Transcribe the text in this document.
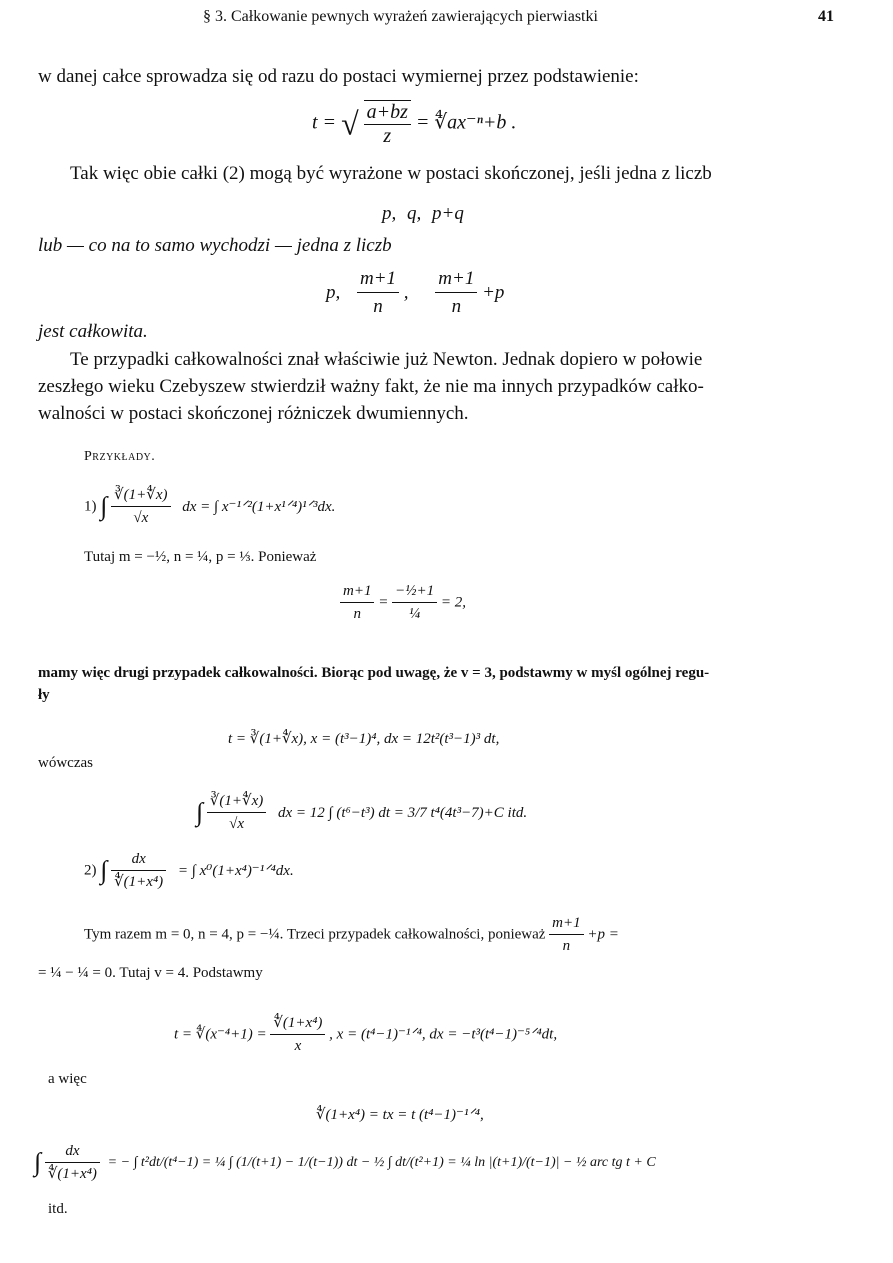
§ 3. Całkowanie pewnych wyrażeń zawierających pierwiastki	41
w danej całce sprowadza się od razu do postaci wymiernej przez podstawienie:
t = √ $\frac{a+bz}{z}$ = ∜ax⁻ⁿ+b .
Tak więc obie całki (2) mogą być wyrażone w postaci skończonej, jeśli jedna z liczb
p, q, p+q
lub — co na to samo wychodzi — jedna z liczb
p, $\frac{m+1}{n}$ , $\frac{m+1}{n} +p$
jest całkowita.
Te przypadki całkowalności znał właściwie już Newton. Jednak dopiero w połowie
zeszłego wieku Czebyszew stwierdził ważny fakt, że nie ma innych przypadków całko-
walności w postaci skończonej różniczek dwumiennych.
Przykłady.
1) ∫ $\frac{∛(1+∜x)}{√x}$ dx = ∫ x⁻¹ᐟ²(1+x¹ᐟ⁴)¹ᐟ³dx.
Tutaj m = −½, n = ¼, p = ⅓. Ponieważ
$\frac{m+1}{n} = \frac{\text{−½+1}}{\text{¼}} = 2$,
mamy więc drugi przypadek całkowalności. Biorąc pod uwagę, że v = 3, podstawmy w myśl ogólnej regu-
ły
t = ∛(1+∜x), x = (t³−1)⁴, dx = 12t²(t³−1)³ dt,
wówczas
∫ $\frac{∛(1+∜x)}{√x}$ dx = 12 ∫ (t⁶−t³) dt = 3/7 t⁴(4t³−7)+C itd.
2) ∫ $\frac{dx}{\text{∜(1+x⁴)}}$ = ∫ x⁰(1+x⁴)⁻¹ᐟ⁴dx.
Tym razem m = 0, n = 4, p = −¼. Trzeci przypadek całkowalności, ponieważ $\frac{m+1}{n} +p$ =
= ¼ − ¼ = 0. Tutaj v = 4. Podstawmy
t = ∜(x⁻⁴+1) = $\frac{\text{∜(1+x⁴)}}{x}$ , x = (t⁴−1)⁻¹ᐟ⁴, dx = −t³(t⁴−1)⁻⁵ᐟ⁴dt,
a więc
∜(1+x⁴) = tx = t (t⁴−1)⁻¹ᐟ⁴,
∫ $\frac{dx}{\text{∜(1+x⁴)}}$ = − ∫ t²dt/(t⁴−1) = ¼ ∫ (1/(t+1) − 1/(t−1)) dt − ½ ∫ dt/(t²+1) = ¼ ln |(t+1)/(t−1)| − ½ arc tg t + C
itd.
